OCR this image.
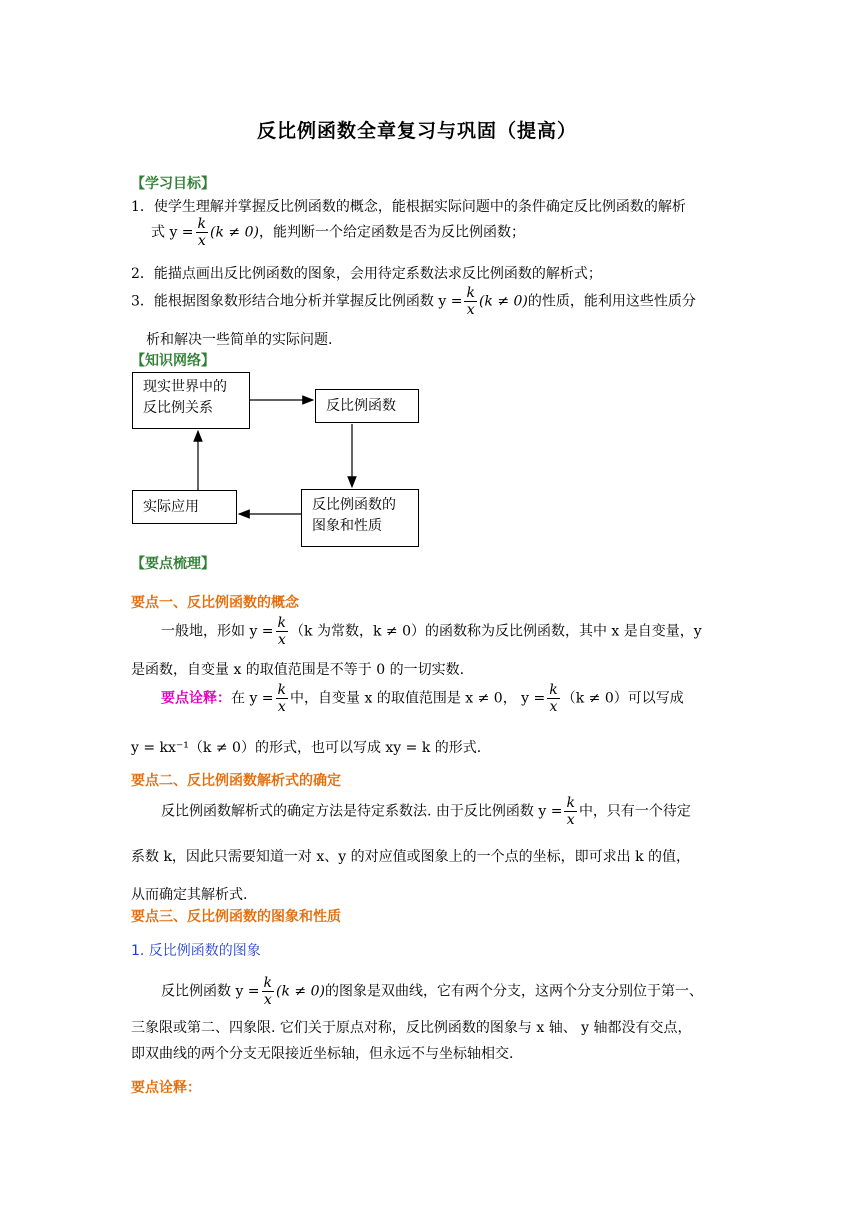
反比例函数全章复习与巩固（提高）
【学习目标】
1．使学生理解并掌握反比例函数的概念，能根据实际问题中的条件确定反比例函数的解析
式 $y = \frac{k}{x} (k \ne 0)$，能判断一个给定函数是否为反比例函数；
2．能描点画出反比例函数的图象，会用待定系数法求反比例函数的解析式；
3．能根据图象数形结合地分析并掌握反比例函数 $y = \frac{k}{x} (k \ne 0)$的性质，能利用这些性质分
析和解决一些简单的实际问题.
【知识网络】
现实世界中的
反比例关系	反比例函数
反比例函数的
图象和性质
实际应用
【要点梳理】
要点一、反比例函数的概念
一般地，形如 $y = \frac{k}{x} (k$ 为常数，k ≠ 0）的函数称为反比例函数，其中 x 是自变量，y
是函数，自变量 x 的取值范围是不等于 0 的一切实数.
要点诠释：在 $y = \frac{k}{x}$ 中，自变量 x 的取值范围是 x ≠ 0， $y = \frac{k}{x} (k \ne 0)$可以写成
y = kx⁻¹（k ≠ 0）的形式，也可以写成 xy = k 的形式.
要点二、反比例函数解析式的确定
反比例函数解析式的确定方法是待定系数法. 由于反比例函数 $y = \frac{k}{x}$ 中，只有一个待定
系数 k，因此只需要知道一对 x、y 的对应值或图象上的一个点的坐标，即可求出 k 的值，
从而确定其解析式.
要点三、反比例函数的图象和性质
1. 反比例函数的图象
反比例函数 $y = \frac{k}{x} (k \ne 0)$的图象是双曲线，它有两个分支，这两个分支分别位于第一、
三象限或第二、四象限. 它们关于原点对称，反比例函数的图象与 x 轴、 y 轴都没有交点，
即双曲线的两个分支无限接近坐标轴，但永远不与坐标轴相交.
要点诠释：
